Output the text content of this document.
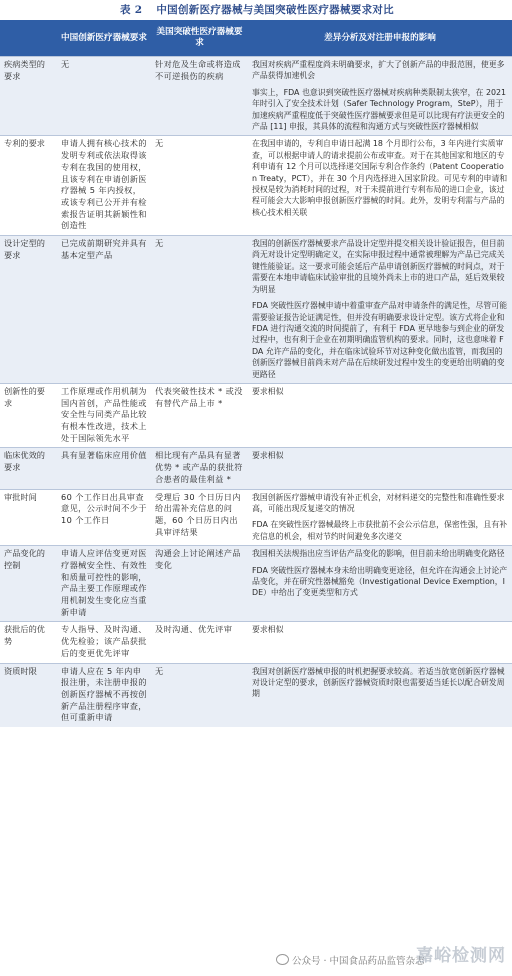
表 2 中国创新医疗器械与美国突破性医疗器械要求对比
	中国创新医疗器械要求	美国突破性医疗器械要求	差异分析及对注册申报的影响
疾病类型的要求	无	针对危及生命或将造成不可逆损伤的疾病	我国对疾病严重程度尚未明确要求，扩大了创新产品的申报范围，使更多产品获得加速机会
事实上，FDA 也意识到突破性医疗器械对疾病种类限制太狭窄，在 2021 年时引入了安全技术计划（Safer Technology Program，SteP），用于加速疾病严重程度低于突破性医疗器械要求但是可以比现有疗法更安全的产品 [11] 申报，其具体的流程和沟通方式与突破性医疗器械相似

专利的要求	申请人拥有核心技术的发明专利或依法取得该专利在我国的使用权，且该专利在申请创新医疗器械 5 年内授权，或该专利已公开并有检索报告证明其新颖性和创造性	无	在我国申请的，专利自申请日起满 18 个月即行公布，3 年内进行实质审查，可以根据申请人的请求提前公布或审查。对于在其他国家和地区的专利申请有 12 个月可以选择递交国际专利合作条约（Patent Cooperation Treaty，PCT），并在 30 个月内选择进入国家阶段。可见专利的申请和授权是较为消耗时间的过程，对于未提前进行专利布局的进口企业，该过程可能会大大影响申报创新医疗器械的时间。此外，发明专利需与产品的核心技术相关联

设计定型的要求	已完成前期研究并具有基本定型产品	无	我国的创新医疗器械要求产品设计定型并提交相关设计验证报告，但目前尚无对设计定型明确定义，在实际申报过程中通常被理解为产品已完成关键性能验证。这一要求可能会延后产品申请创新医疗器械的时间点，对于需要在本地申请临床试验审批的且境外尚未上市的进口产品，延后效果较为明显
FDA 突破性医疗器械申请中着重审查产品对申请条件的满足性，尽管可能需要验证报告论证满足性，但并没有明确要求设计定型。该方式将企业和 FDA 进行沟通交流的时间提前了，有利于 FDA 更早地参与到企业的研发过程中，也有利于企业在初期明确监管机构的要求。同时，这也意味着 FDA 允许产品的变化，并在临床试验环节对这种变化做出监管，而我国的创新医疗器械目前尚未对产品在后续研发过程中发生的变更给出明确的变更路径

创新性的要求	工作原理或作用机制为国内首创，产品性能或安全性与同类产品比较有根本性改进，技术上处于国际领先水平	代表突破性技术 * 或没有替代产品上市 *	要求相似

临床优效的要求	具有显著临床应用价值	相比现有产品具有显著优势 * 或产品的获批符合患者的最佳利益 *	要求相似

审批时间	60 个工作日出具审查意见，公示时间不少于 10 个工作日	受理后 30 个日历日内给出需补充信息的问题，60 个日历日内出具审评结果	我国创新医疗器械申请没有补正机会，对材料递交的完整性和准确性要求高，可能出现反复递交的情况
FDA 在突破性医疗器械最终上市获批前不会公示信息，保密性强，且有补充信息的机会，相对节约时间避免多次递交

产品变化的控制	申请人应评估变更对医疗器械安全性、有效性和质量可控性的影响，产品主要工作原理或作用机制发生变化应当重新申请	沟通会上讨论阐述产品变化	我国相关法规指出应当评估产品变化的影响，但目前未给出明确变化路径
FDA 突破性医疗器械本身未给出明确变更途径，但允许在沟通会上讨论产品变化，并在研究性器械豁免（Investigational Device Exemption，IDE）中给出了变更类型和方式

获批后的优势	专人指导、及时沟通、优先检验；该产品获批后的变更优先评审	及时沟通、优先评审	要求相似

资质时限	申请人应在 5 年内申报注册，未注册申报的创新医疗器械不再按创新产品注册程序审查，但可重新申请	无	我国对创新医疗器械申报的时机把握要求较高。若适当放宽创新医疗器械对设计定型的要求，创新医疗器械资质时限也需要适当延长以配合研发周期
公众号 · 中国食品药品监管杂志
嘉峪检测网
